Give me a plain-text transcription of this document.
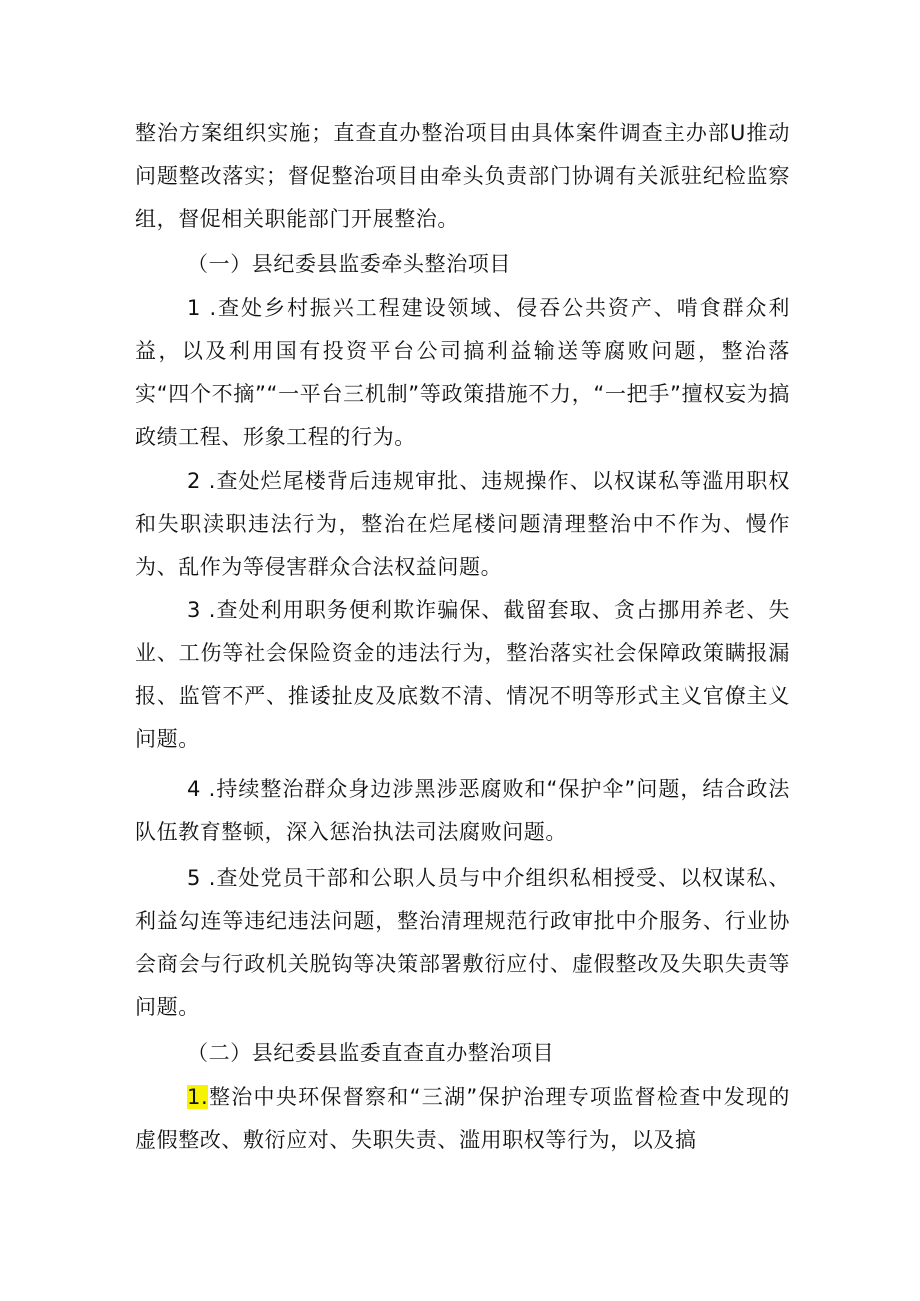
整治方案组织实施；直查直办整治项目由具体案件调查主办部U推动问题整改落实；督促整治项目由牵头负责部门协调有关派驻纪检监察组，督促相关职能部门开展整治。

（一）县纪委县监委牵头整治项目

1 .查处乡村振兴工程建设领域、侵吞公共资产、啃食群众利益，以及利用国有投资平台公司搞利益输送等腐败问题，整治落实“四个不摘”“一平台三机制”等政策措施不力，“一把手”擅权妄为搞政绩工程、形象工程的行为。

2 .查处烂尾楼背后违规审批、违规操作、以权谋私等滥用职权和失职渎职违法行为，整治在烂尾楼问题清理整治中不作为、慢作为、乱作为等侵害群众合法权益问题。

3 .查处利用职务便利欺诈骗保、截留套取、贪占挪用养老、失业、工伤等社会保险资金的违法行为，整治落实社会保障政策瞒报漏报、监管不严、推诿扯皮及底数不清、情况不明等形式主义官僚主义问题。

4 .持续整治群众身边涉黑涉恶腐败和“保护伞”问题，结合政法队伍教育整顿，深入惩治执法司法腐败问题。

5 .查处党员干部和公职人员与中介组织私相授受、以权谋私、利益勾连等违纪违法问题，整治清理规范行政审批中介服务、行业协会商会与行政机关脱钩等决策部署敷衍应付、虚假整改及失职失责等问题。

（二）县纪委县监委直查直办整治项目

1.整治中央环保督察和“三湖”保护治理专项监督检查中发现的虚假整改、敷衍应对、失职失责、滥用职权等行为，以及搞
